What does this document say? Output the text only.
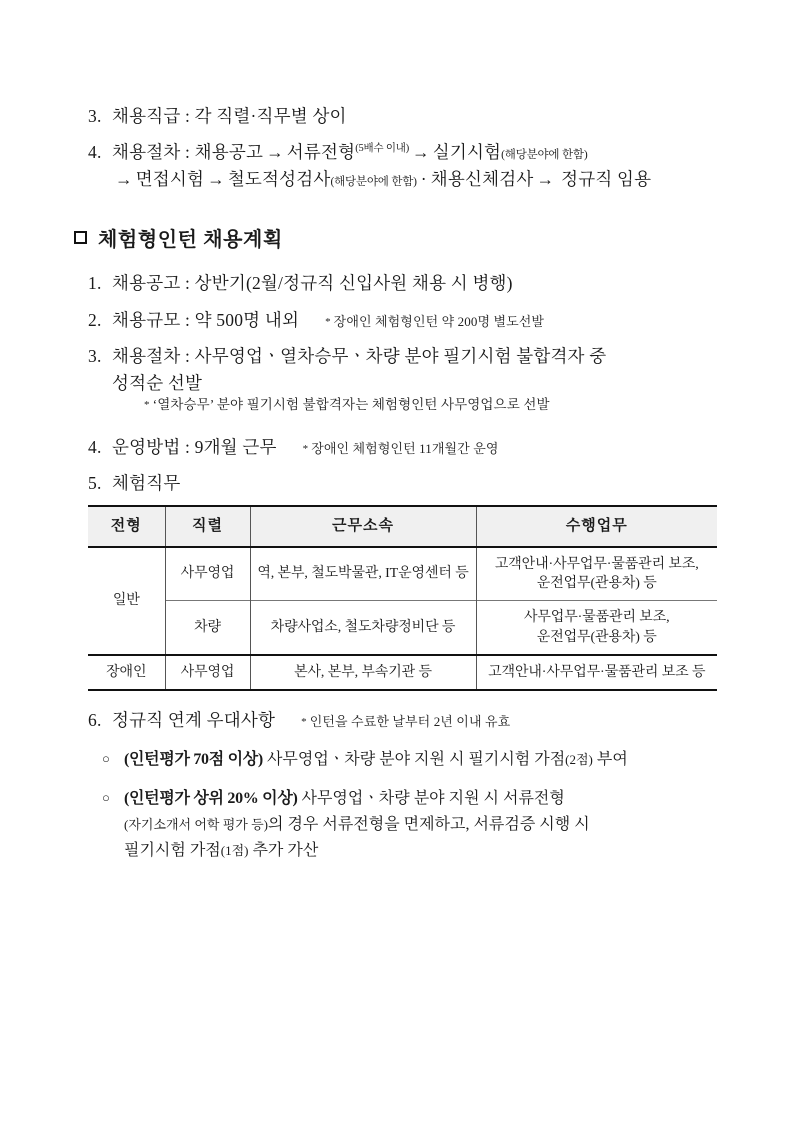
3. 채용직급 : 각 직렬·직무별 상이
4. 채용절차 : 채용공고 → 서류전형$^{(5배수 이내)}$ → 실기시험(해당분야에 한함)
→ 면접시험 → 철도적성검사(해당분야에 한함) · 채용신체검사 → 정규직 임용
체험형인턴 채용계획
1. 채용공고 : 상반기(2월/정규직 신입사원 채용 시 병행)
2. 채용규모 : 약 500명 내외 * 장애인 체험형인턴 약 200명 별도선발
3. 채용절차 : 사무영업ㆍ열차승무ㆍ차량 분야 필기시험 불합격자 중
성적순 선발
* ‘열차승무’ 분야 필기시험 불합격자는 체험형인턴 사무영업으로 선발
4. 운영방법 : 9개월 근무 * 장애인 체험형인턴 11개월간 운영
5. 체험직무
전형	직렬	근무소속	수행업무
일반	사무영업	역, 본부, 철도박물관, IT운영센터 등	고객안내·사무업무·물품관리 보조,
운전업무(관용차) 등
	차량	차량사업소, 철도차량정비단 등	사무업무·물품관리 보조,
운전업무(관용차) 등
장애인	사무영업	본사, 본부, 부속기관 등	고객안내·사무업무·물품관리 보조 등
6. 정규직 연계 우대사항 * 인턴을 수료한 날부터 2년 이내 유효
○ (인턴평가 70점 이상) 사무영업ㆍ차량 분야 지원 시 필기시험 가점(2점) 부여
○ (인턴평가 상위 20% 이상) 사무영업ㆍ차량 분야 지원 시 서류전형
(자기소개서 어학 평가 등)의 경우 서류전형을 면제하고, 서류검증 시행 시
필기시험 가점(1점) 추가 가산
